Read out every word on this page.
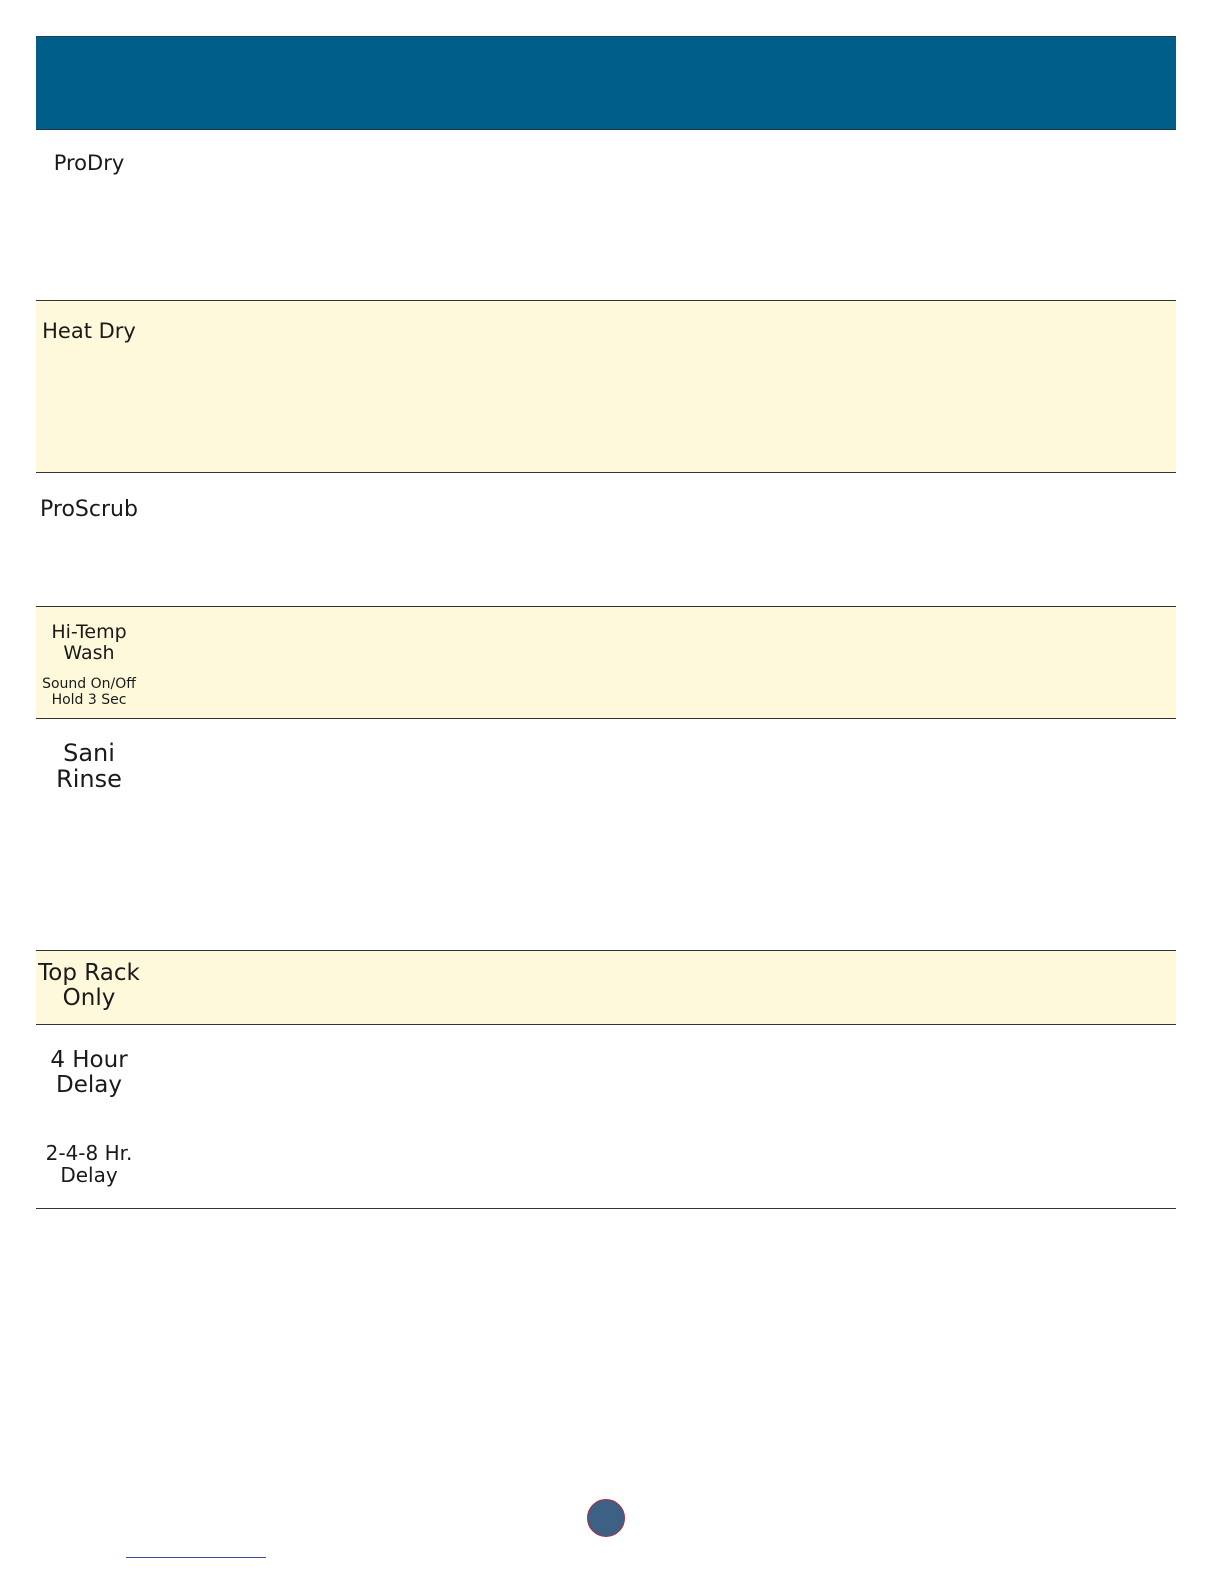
ProDry
Heat Dry
ProScrub
Hi-Temp
Wash
Sound On/Off
Hold 3 Sec
Sani
Rinse
Top Rack
Only
4 Hour
Delay
2-4-8 Hr.
Delay
